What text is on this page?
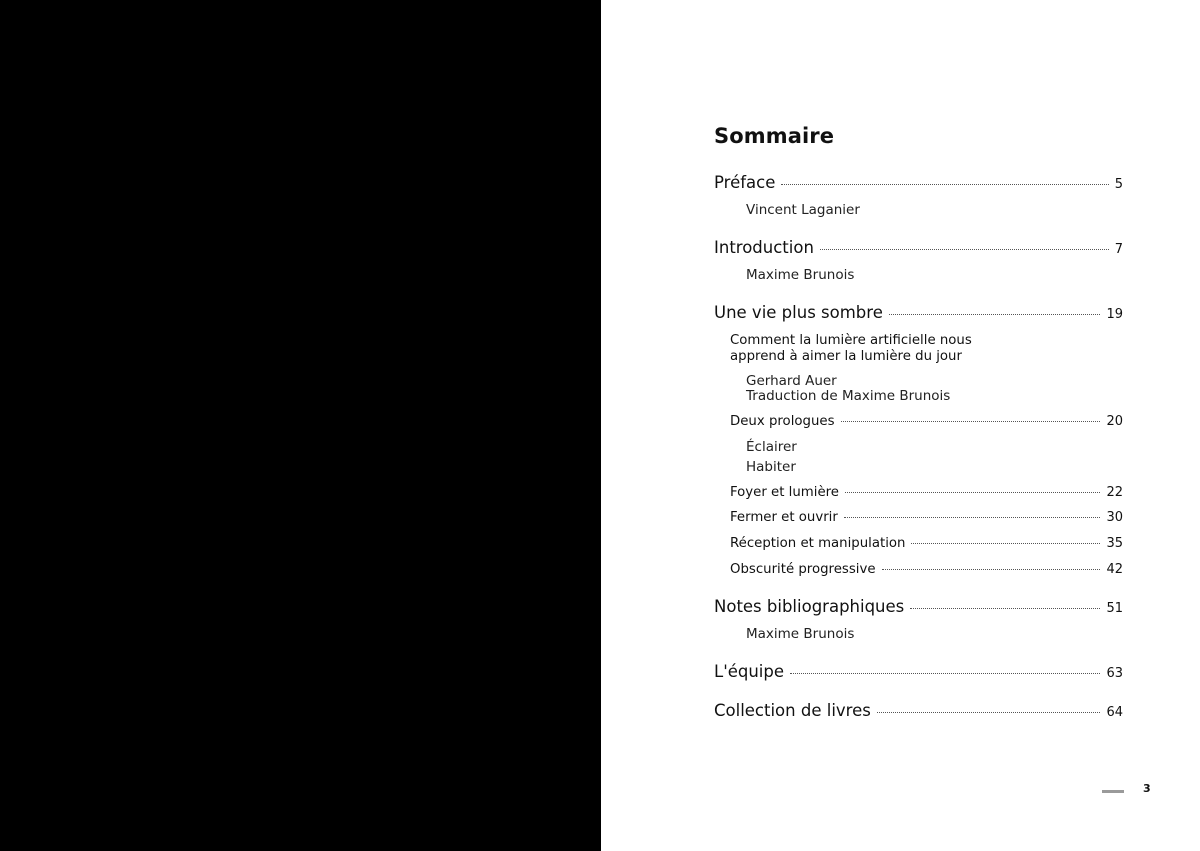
Sommaire
Préface	5
Vincent Laganier
Introduction	7
Maxime Brunois
Une vie plus sombre	19
Comment la lumière artificielle nous
apprend à aimer la lumière du jour
Gerhard Auer
Traduction de Maxime Brunois
Deux prologues	20
Éclairer
Habiter
Foyer et lumière	22
Fermer et ouvrir	30
Réception et manipulation	35
Obscurité progressive	42
Notes bibliographiques	51
Maxime Brunois
L'équipe	63
Collection de livres	64
3
